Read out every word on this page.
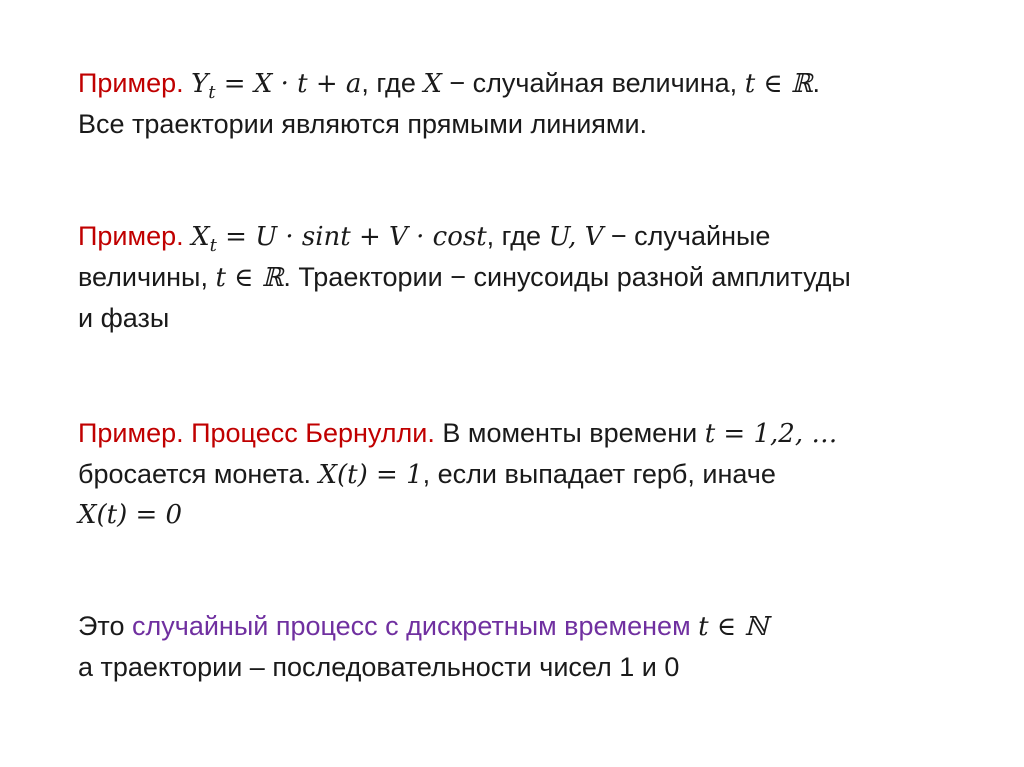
Пример. $Y_t = X \cdot t + a$, где X − случайная величина, t ∈ ℝ.
Все траектории являются прямыми линиями.
Пример. $X_t = U \cdot \sin t + V \cdot \cos t$, где U, V − случайные
величины, t ∈ ℝ. Траектории − синусоиды разной амплитуды
и фазы
Пример. Процесс Бернулли. В моменты времени t = 1,2, …
бросается монета. X(t) = 1, если выпадает герб, иначе
X(t) = 0
Это случайный процесс с дискретным временем t ∈ ℕ
а траектории – последовательности чисел 1 и 0
